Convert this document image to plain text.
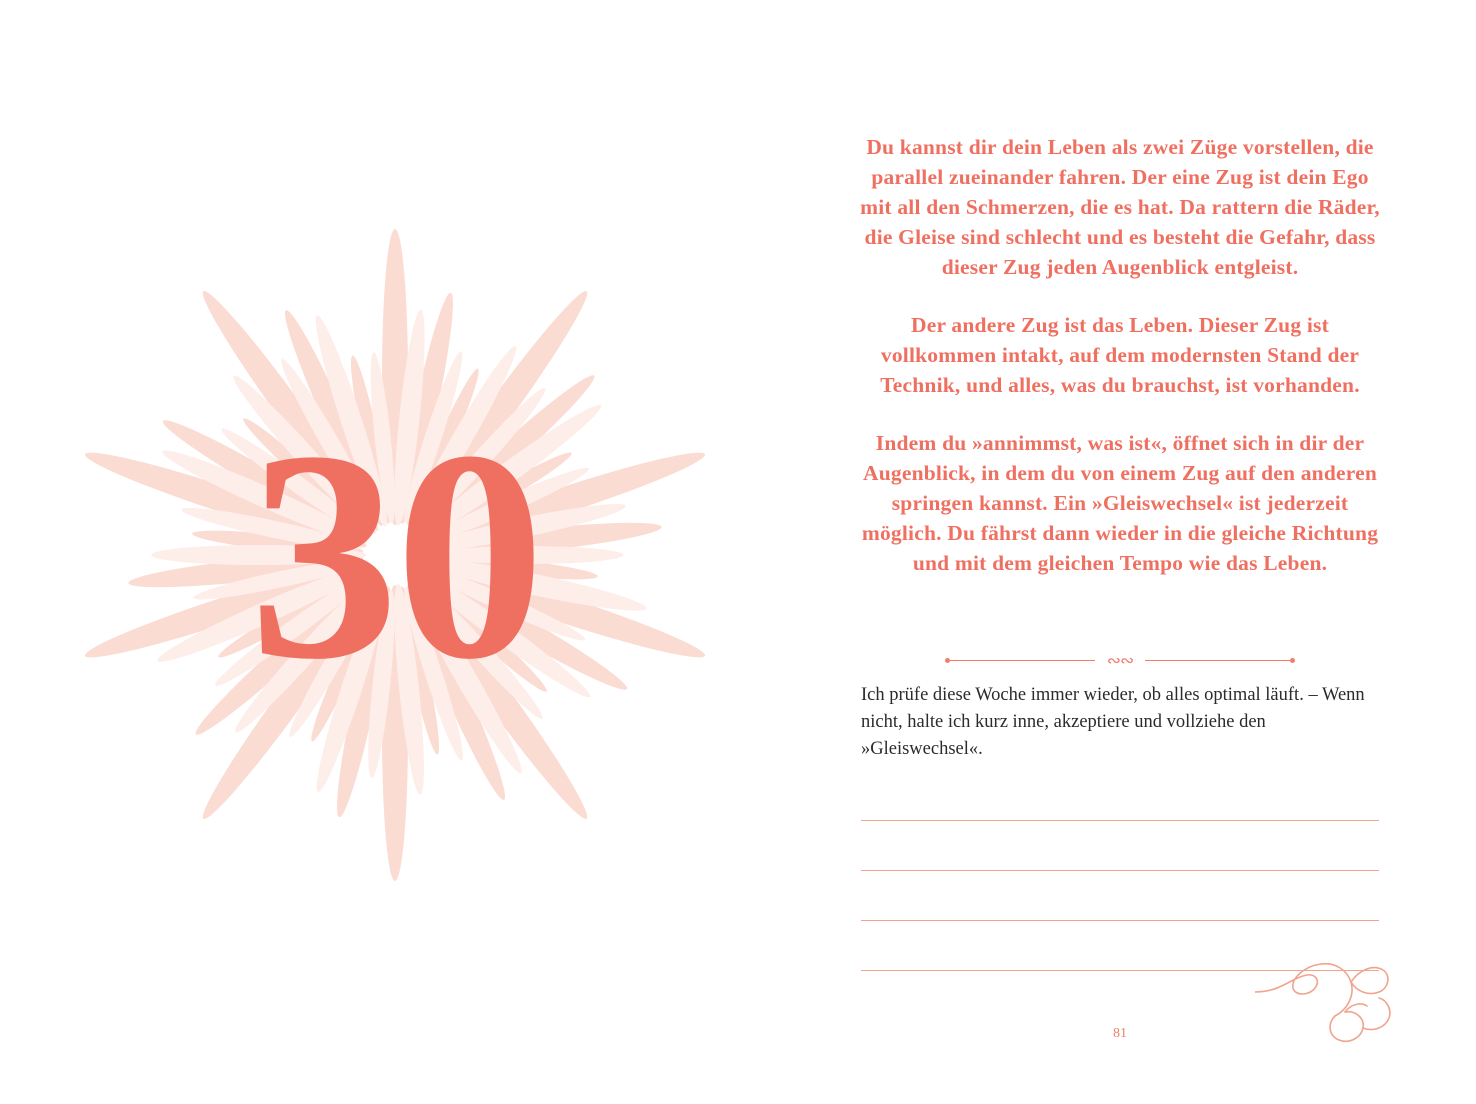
30

Du kannst dir dein Leben als zwei Züge vorstellen, die parallel zueinander fahren. Der eine Zug ist dein Ego mit all den Schmerzen, die es hat. Da rattern die Räder, die Gleise sind schlecht und es besteht die Gefahr, dass dieser Zug jeden Augenblick entgleist.

Der andere Zug ist das Leben. Dieser Zug ist vollkommen intakt, auf dem modernsten Stand der Technik, und alles, was du brauchst, ist vorhanden.

Indem du »annimmst, was ist«, öffnet sich in dir der Augenblick, in dem du von einem Zug auf den anderen springen kannst. Ein »Gleiswechsel« ist jederzeit möglich. Du fährst dann wieder in die gleiche Richtung und mit dem gleichen Tempo wie das Leben.

∾∾
Ich prüfe diese Woche immer wieder, ob alles optimal läuft. – Wenn nicht, halte ich kurz inne, akzeptiere und vollziehe den »Gleiswechsel«.
81
